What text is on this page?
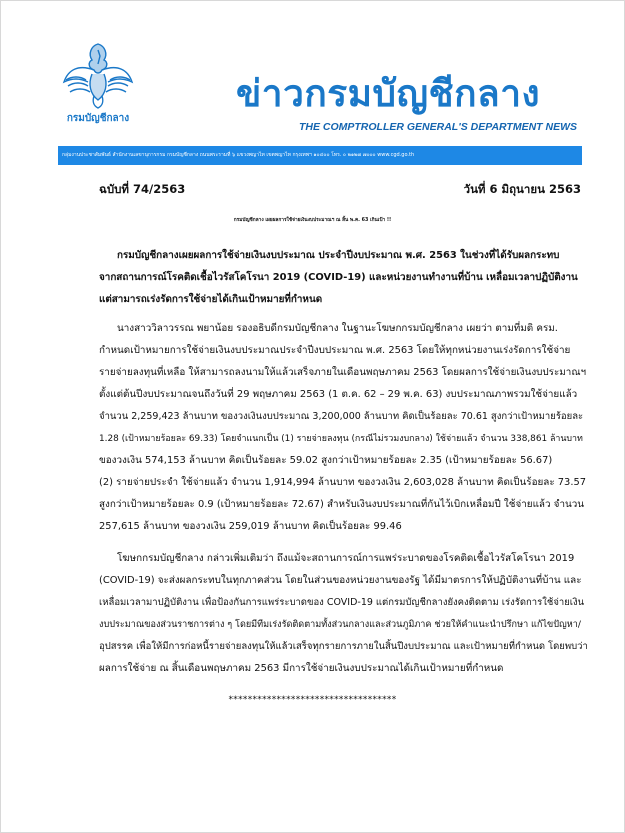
กรมบัญชีกลาง
ข่าวกรมบัญชีกลาง
THE COMPTROLLER GENERAL'S DEPARTMENT NEWS
กลุ่มงานประชาสัมพันธ์ สำนักงานเลขานุการกรม กรมบัญชีกลาง ถนนพระรามที่ ๖ แขวงพญาไท เขตพญาไท กรุงเทพฯ ๑๐๔๐๐ โทร. ๐ ๒๑๒๗ ๗๐๐๐ www.cgd.go.th
ฉบับที่ 74/2563	วันที่ 6 มิถุนายน 2563
กรมบัญชีกลาง เผยผลการใช้จ่ายเงินงบประมาณฯ ณ สิ้น พ.ค. 63 เกินเป้า !!

กรมบัญชีกลางเผยผลการใช้จ่ายเงินงบประมาณ ประจำปีงบประมาณ พ.ศ. 2563 ในช่วงที่ได้รับผลกระทบ
จากสถานการณ์โรคติดเชื้อไวรัสโคโรนา 2019 (COVID-19) และหน่วยงานทำงานที่บ้าน เหลื่อมเวลาปฏิบัติงาน
แต่สามารถเร่งรัดการใช้จ่ายได้เกินเป้าหมายที่กำหนด

นางสาววิลาวรรณ พยาน้อย รองอธิบดีกรมบัญชีกลาง ในฐานะโฆษกกรมบัญชีกลาง เผยว่า ตามที่มติ ครม.
กำหนดเป้าหมายการใช้จ่ายเงินงบประมาณประจำปีงบประมาณ พ.ศ. 2563 โดยให้ทุกหน่วยงานเร่งรัดการใช้จ่าย
รายจ่ายลงทุนที่เหลือ ให้สามารถลงนามให้แล้วเสร็จภายในเดือนพฤษภาคม 2563 โดยผลการใช้จ่ายเงินงบประมาณฯ
ตั้งแต่ต้นปีงบประมาณจนถึงวันที่ 29 พฤษภาคม 2563 (1 ต.ค. 62 – 29 พ.ค. 63) งบประมาณภาพรวมใช้จ่ายแล้ว
จำนวน 2,259,423 ล้านบาท ของวงเงินงบประมาณ 3,200,000 ล้านบาท คิดเป็นร้อยละ 70.61 สูงกว่าเป้าหมายร้อยละ
1.28 (เป้าหมายร้อยละ 69.33) โดยจำแนกเป็น (1) รายจ่ายลงทุน (กรณีไม่รวมงบกลาง) ใช้จ่ายแล้ว จำนวน 338,861 ล้านบาท
ของวงเงิน 574,153 ล้านบาท คิดเป็นร้อยละ 59.02 สูงกว่าเป้าหมายร้อยละ 2.35 (เป้าหมายร้อยละ 56.67)
(2) รายจ่ายประจำ ใช้จ่ายแล้ว จำนวน 1,914,994 ล้านบาท ของวงเงิน 2,603,028 ล้านบาท คิดเป็นร้อยละ 73.57
สูงกว่าเป้าหมายร้อยละ 0.9 (เป้าหมายร้อยละ 72.67) สำหรับเงินงบประมาณที่กันไว้เบิกเหลื่อมปี ใช้จ่ายแล้ว จำนวน
257,615 ล้านบาท ของวงเงิน 259,019 ล้านบาท คิดเป็นร้อยละ 99.46

โฆษกกรมบัญชีกลาง กล่าวเพิ่มเติมว่า ถึงแม้จะสถานการณ์การแพร่ระบาดของโรคติดเชื้อไวรัสโคโรนา 2019
(COVID-19) จะส่งผลกระทบในทุกภาคส่วน โดยในส่วนของหน่วยงานของรัฐ ได้มีมาตรการให้ปฏิบัติงานที่บ้าน และ
เหลื่อมเวลามาปฏิบัติงาน เพื่อป้องกันการแพร่ระบาดของ COVID-19 แต่กรมบัญชีกลางยังคงติดตาม เร่งรัดการใช้จ่ายเงิน
งบประมาณของส่วนราชการต่าง ๆ โดยมีทีมเร่งรัดติดตามทั้งส่วนกลางและส่วนภูมิภาค ช่วยให้คำแนะนำปรึกษา แก้ไขปัญหา/
อุปสรรค เพื่อให้มีการก่อหนี้รายจ่ายลงทุนให้แล้วเสร็จทุกรายการภายในสิ้นปีงบประมาณ และเป้าหมายที่กำหนด โดยพบว่า
ผลการใช้จ่าย ณ สิ้นเดือนพฤษภาคม 2563 มีการใช้จ่ายเงินงบประมาณได้เกินเป้าหมายที่กำหนด

***********************************
